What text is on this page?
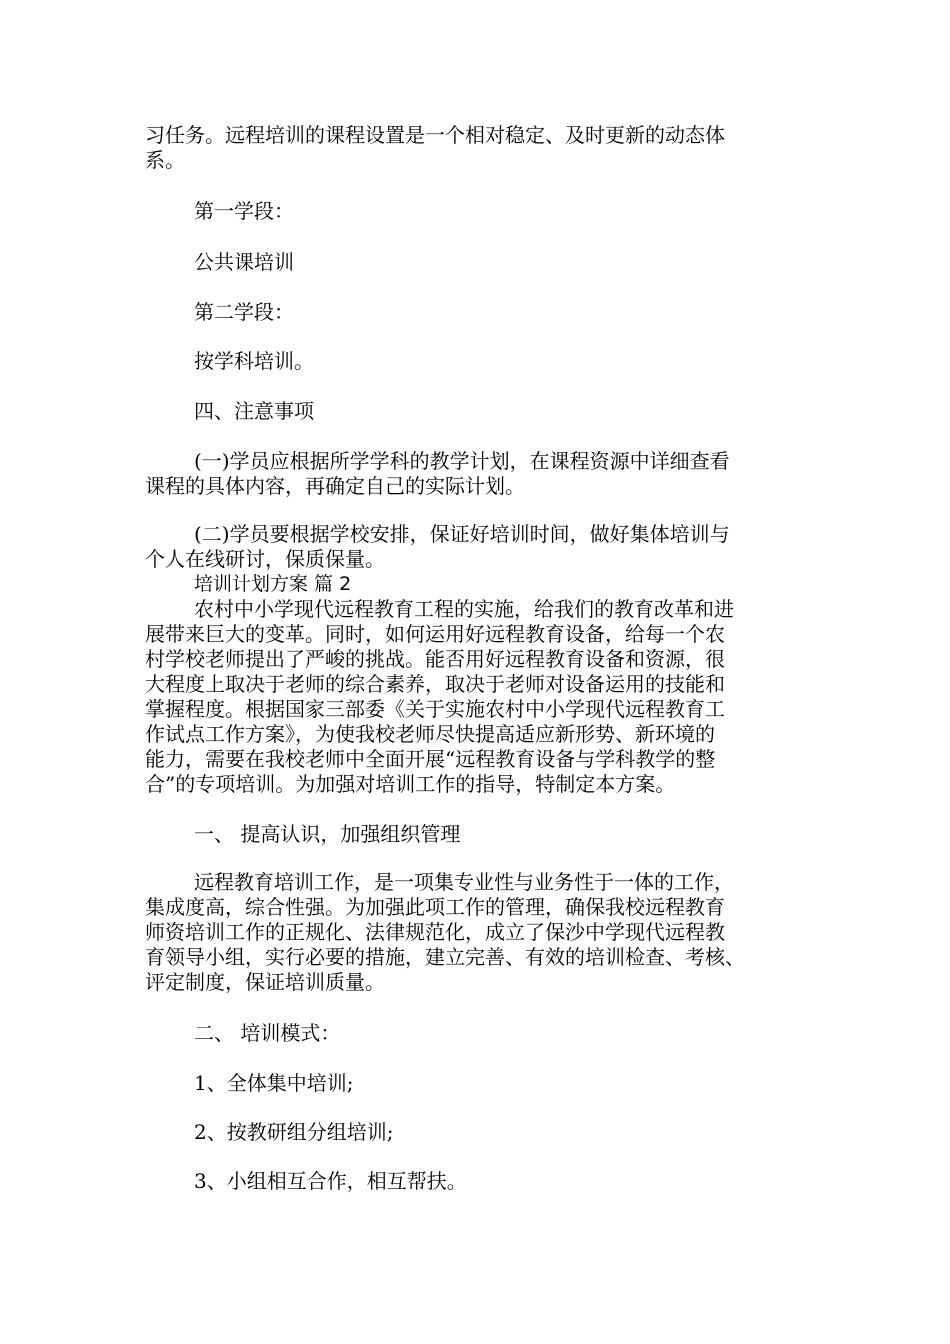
习任务。远程培训的课程设置是一个相对稳定、及时更新的动态体

系。

第一学段：

公共课培训

第二学段：

按学科培训。

四、注意事项

(一)学员应根据所学学科的教学计划，在课程资源中详细查看

课程的具体内容，再确定自己的实际计划。

(二)学员要根据学校安排，保证好培训时间，做好集体培训与

个人在线研讨，保质保量。

培训计划方案 篇 2

农村中小学现代远程教育工程的实施，给我们的教育改革和进

展带来巨大的变革。同时，如何运用好远程教育设备，给每一个农

村学校老师提出了严峻的挑战。能否用好远程教育设备和资源，很

大程度上取决于老师的综合素养，取决于老师对设备运用的技能和

掌握程度。根据国家三部委《关于实施农村中小学现代远程教育工

作试点工作方案》，为使我校老师尽快提高适应新形势、新环境的

能力，需要在我校老师中全面开展“远程教育设备与学科教学的整

合”的专项培训。为加强对培训工作的指导，特制定本方案。

一、 提高认识，加强组织管理

远程教育培训工作，是一项集专业性与业务性于一体的工作，

集成度高，综合性强。为加强此项工作的管理，确保我校远程教育

师资培训工作的正规化、法律规范化，成立了保沙中学现代远程教

育领导小组，实行必要的措施，建立完善、有效的培训检查、考核、

评定制度，保证培训质量。

二、 培训模式：

1、全体集中培训;

2、按教研组分组培训;

3、小组相互合作，相互帮扶。
